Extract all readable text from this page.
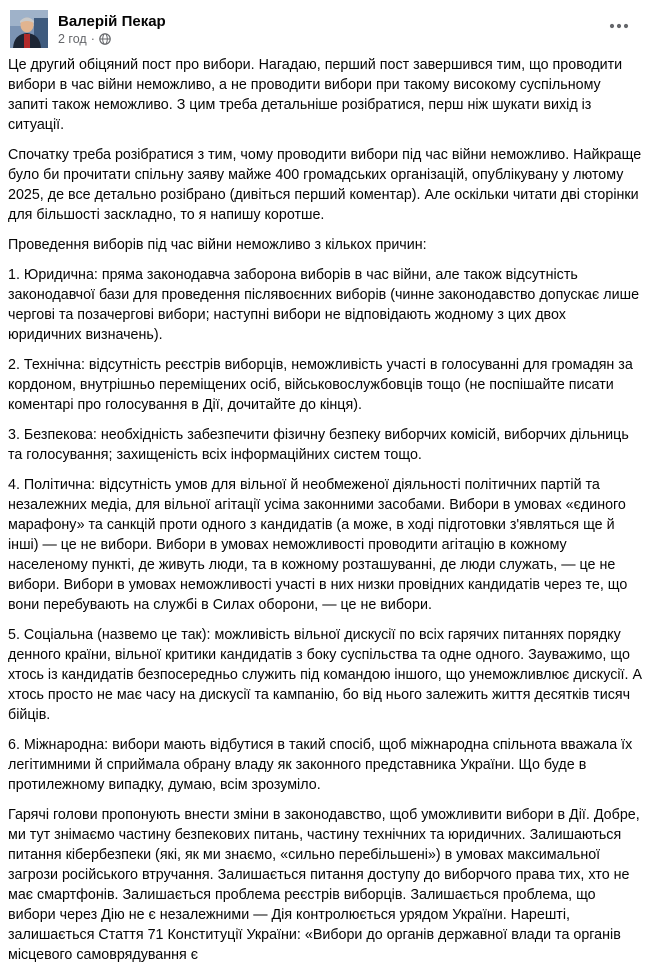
Валерій Пекар
2 год ·

Це другий обіцяний пост про вибори. Нагадаю, перший пост завершився тим, що проводити вибори в час війни неможливо, а не проводити вибори при такому високому суспільному запиті також неможливо. З цим треба детальніше розібратися, перш ніж шукати вихід із ситуації.

Спочатку треба розібратися з тим, чому проводити вибори під час війни неможливо. Найкраще було би прочитати спільну заяву майже 400 громадських організацій, опублікувану у лютому 2025, де все детально розібрано (дивіться перший коментар). Але оскільки читати дві сторінки для більшості заскладно, то я напишу коротше.

Проведення виборів під час війни неможливо з кількох причин:

1. Юридична: пряма законодавча заборона виборів в час війни, але також відсутність законодавчої бази для проведення післявоєнних виборів (чинне законодавство допускає лише чергові та позачергові вибори; наступні вибори не відповідають жодному з цих двох юридичних визначень).

2. Технічна: відсутність реєстрів виборців, неможливість участі в голосуванні для громадян за кордоном, внутрішньо переміщених осіб, військовослужбовців тощо (не поспішайте писати коментарі про голосування в Дії, дочитайте до кінця).

3. Безпекова: необхідність забезпечити фізичну безпеку виборчих комісій, виборчих дільниць та голосування; захищеність всіх інформаційних систем тощо.

4. Політична: відсутність умов для вільної й необмеженої діяльності політичних партій та незалежних медіа, для вільної агітації усіма законними засобами. Вибори в умовах «єдиного марафону» та санкцій проти одного з кандидатів (а може, в ході підготовки з'являться ще й інші) — це не вибори. Вибори в умовах неможливості проводити агітацію в кожному населеному пункті, де живуть люди, та в кожному розташуванні, де люди служать, — це не вибори. Вибори в умовах неможливості участі в них низки провідних кандидатів через те, що вони перебувають на службі в Силах оборони, — це не вибори.

5. Соціальна (назвемо це так): можливість вільної дискусії по всіх гарячих питаннях порядку денного країни, вільної критики кандидатів з боку суспільства та одне одного. Зауважимо, що хтось із кандидатів безпосередньо служить під командою іншого, що унеможливлює дискусії. А хтось просто не має часу на дискусії та кампанію, бо від нього залежить життя десятків тисяч бійців.

6. Міжнародна: вибори мають відбутися в такий спосіб, щоб міжнародна спільнота вважала їх легітимними й сприймала обрану владу як законного представника України. Що буде в протилежному випадку, думаю, всім зрозуміло.

Гарячі голови пропонують внести зміни в законодавство, щоб уможливити вибори в Дії. Добре, ми тут знімаємо частину безпекових питань, частину технічних та юридичних. Залишаються питання кібербезпеки (які, як ми знаємо, «сильно перебільшені») в умовах максимальної загрози російського втручання. Залишається питання доступу до виборчого права тих, хто не має смартфонів. Залишається проблема реєстрів виборців. Залишається проблема, що вибори через Дію не є незалежними — Дія контролюється урядом України. Нарешті, залишається Стаття 71 Конституції України: «Вибори до органів державної влади та органів місцевого самоврядування є
